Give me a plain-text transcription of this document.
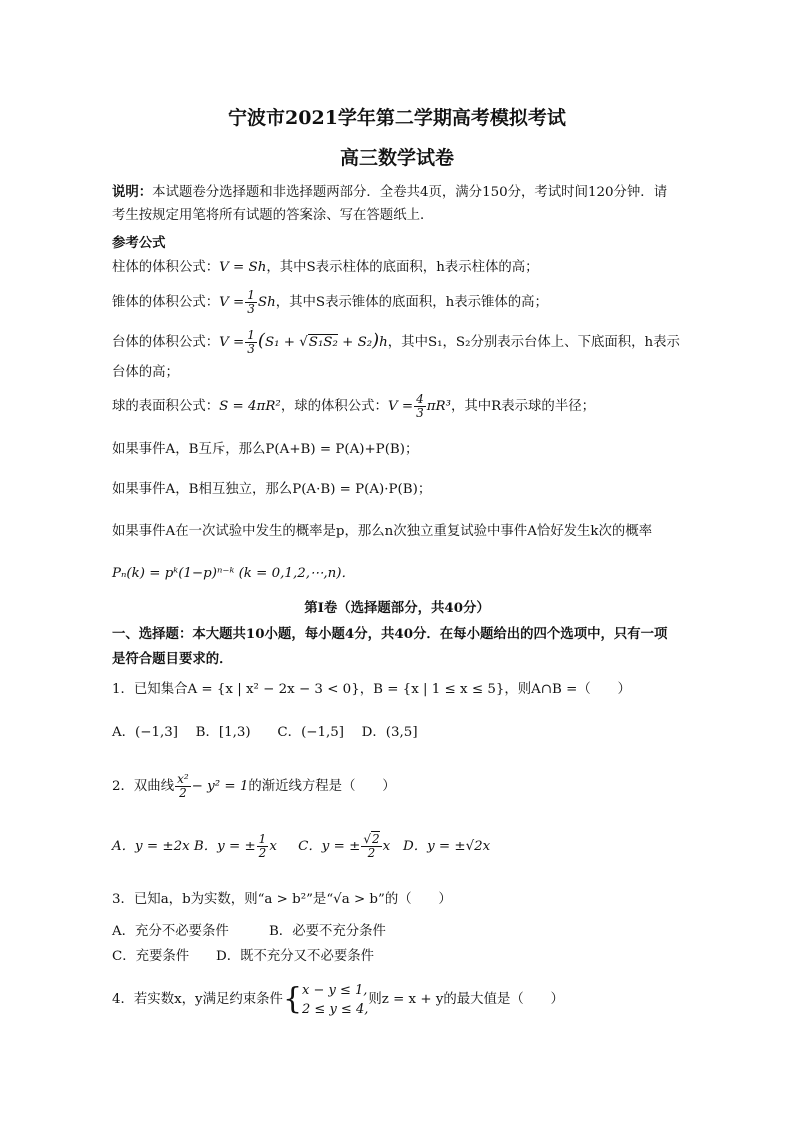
宁波市2021学年第二学期高考模拟考试
高三数学试卷
说明：本试题卷分选择题和非选择题两部分．全卷共4页，满分150分，考试时间120分钟．请
考生按规定用笔将所有试题的答案涂、写在答题纸上．
参考公式
柱体的体积公式：V = Sh，其中S表示柱体的底面积，h表示柱体的高；
锥体的体积公式：$V = \frac{1}{3}$ Sh，其中S表示锥体的底面积，h表示锥体的高；
台体的体积公式：$V = \frac{1}{3} (S_1 + √S_1S_2 + S_2)h$，其中S₁，S₂分别表示台体上、下底面积，h表示
台体的高；
球的表面积公式：S = 4πR²，球的体积公式：$V = \frac{4}{3} \pi R^3$，其中R表示球的半径；
如果事件A，B互斥，那么P(A+B) = P(A)+P(B)；
如果事件A，B相互独立，那么P(A·B) = P(A)·P(B)；
如果事件A在一次试验中发生的概率是p，那么n次独立重复试验中事件A恰好发生k次的概率
Pₙ(k) = pᵏ(1−p)ⁿ⁻ᵏ (k = 0,1,2,⋯,n)．
第Ⅰ卷（选择题部分，共40分）
一、选择题：本大题共10小题，每小题4分，共40分．在每小题给出的四个选项中，只有一项
是符合题目要求的．
1．已知集合A = {x | x² − 2x − 3 < 0}，B = {x | 1 ≤ x ≤ 5}，则A∩B =（　　）
A．(−1,3]　 B．[1,3)　　C．(−1,5]　 D．(3,5]
2．双曲线 $\frac{\text{x²}}{2} - y^2 = 1$的渐近线方程是（　　）
A．y = ±2x B．y = ± $\frac{1}{2}$ x C．y = ± $\frac{√2}{2}$ x D．y = ±√2x
3．已知a，b为实数，则“a > b²”是“√a > b”的（　　）
A．充分不必要条件　　　B．必要不充分条件
C．充要条件　　D．既不充分又不必要条件
4．若实数x，y满足约束条件{ x − y ≤ 1,
2 ≤ y ≤ 4,
则z = x + y的最大值是（　　）
